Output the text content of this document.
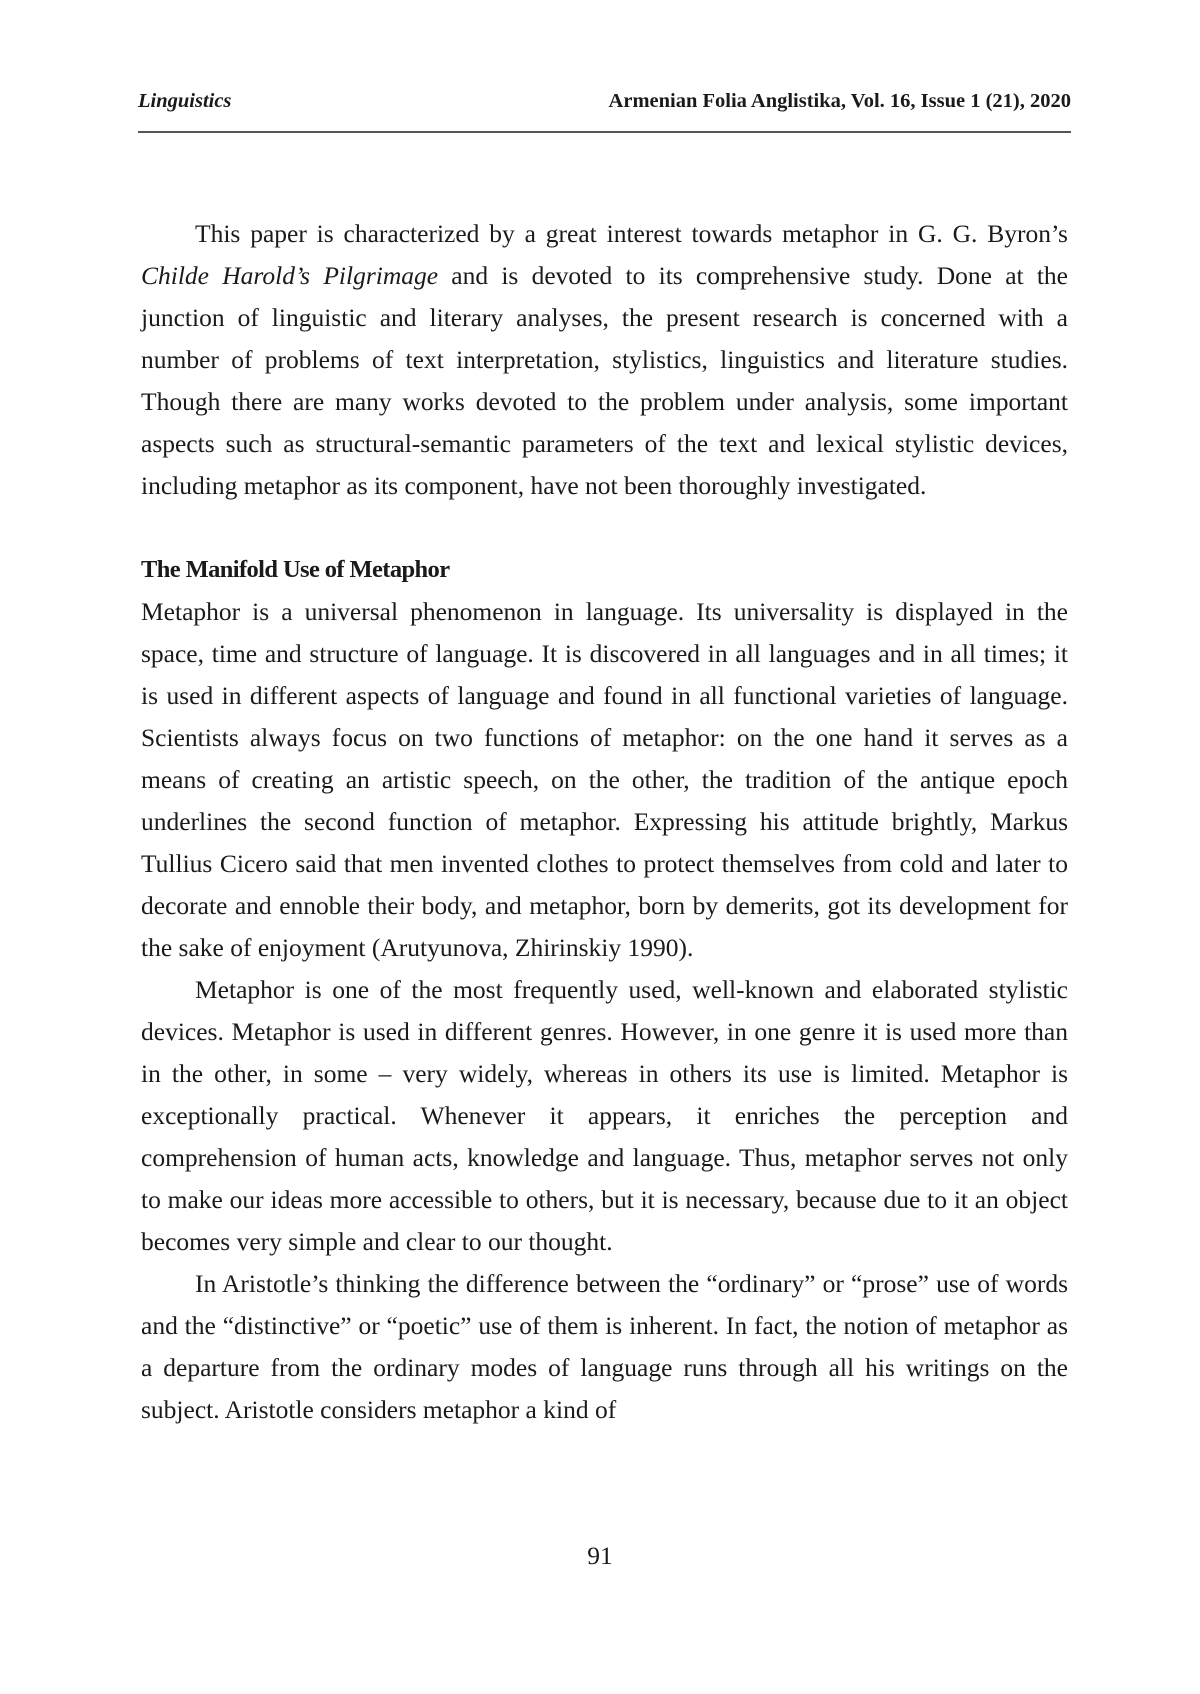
Linguistics	Armenian Folia Anglistika, Vol. 16, Issue 1 (21), 2020

This paper is characterized by a great interest towards metaphor in G. G. Byron’s Childe Harold’s Pilgrimage and is devoted to its comprehensive study. Done at the junction of linguistic and literary analyses, the present research is concerned with a number of problems of text interpretation, stylistics, linguistics and literature studies. Though there are many works devoted to the problem under analysis, some important aspects such as structural-semantic parameters of the text and lexical stylistic devices, including metaphor as its component, have not been thoroughly investigated.

The Manifold Use of Metaphor

Metaphor is a universal phenomenon in language. Its universality is displayed in the space, time and structure of language. It is discovered in all languages and in all times; it is used in different aspects of language and found in all functional varieties of language. Scientists always focus on two functions of metaphor: on the one hand it serves as a means of creating an artistic speech, on the other, the tradition of the antique epoch underlines the second function of metaphor. Expressing his attitude brightly, Markus Tullius Cicero said that men invented clothes to protect themselves from cold and later to decorate and ennoble their body, and metaphor, born by demerits, got its development for the sake of enjoyment (Arutyunova, Zhirinskiy 1990).

Metaphor is one of the most frequently used, well-known and elaborated stylistic devices. Metaphor is used in different genres. However, in one genre it is used more than in the other, in some – very widely, whereas in others its use is limited. Metaphor is exceptionally practical. Whenever it appears, it enriches the perception and comprehension of human acts, knowledge and language. Thus, metaphor serves not only to make our ideas more accessible to others, but it is necessary, because due to it an object becomes very simple and clear to our thought.

In Aristotle’s thinking the difference between the “ordinary” or “prose” use of words and the “distinctive” or “poetic” use of them is inherent. In fact, the notion of metaphor as a departure from the ordinary modes of language runs through all his writings on the subject. Aristotle considers metaphor a kind of

91
